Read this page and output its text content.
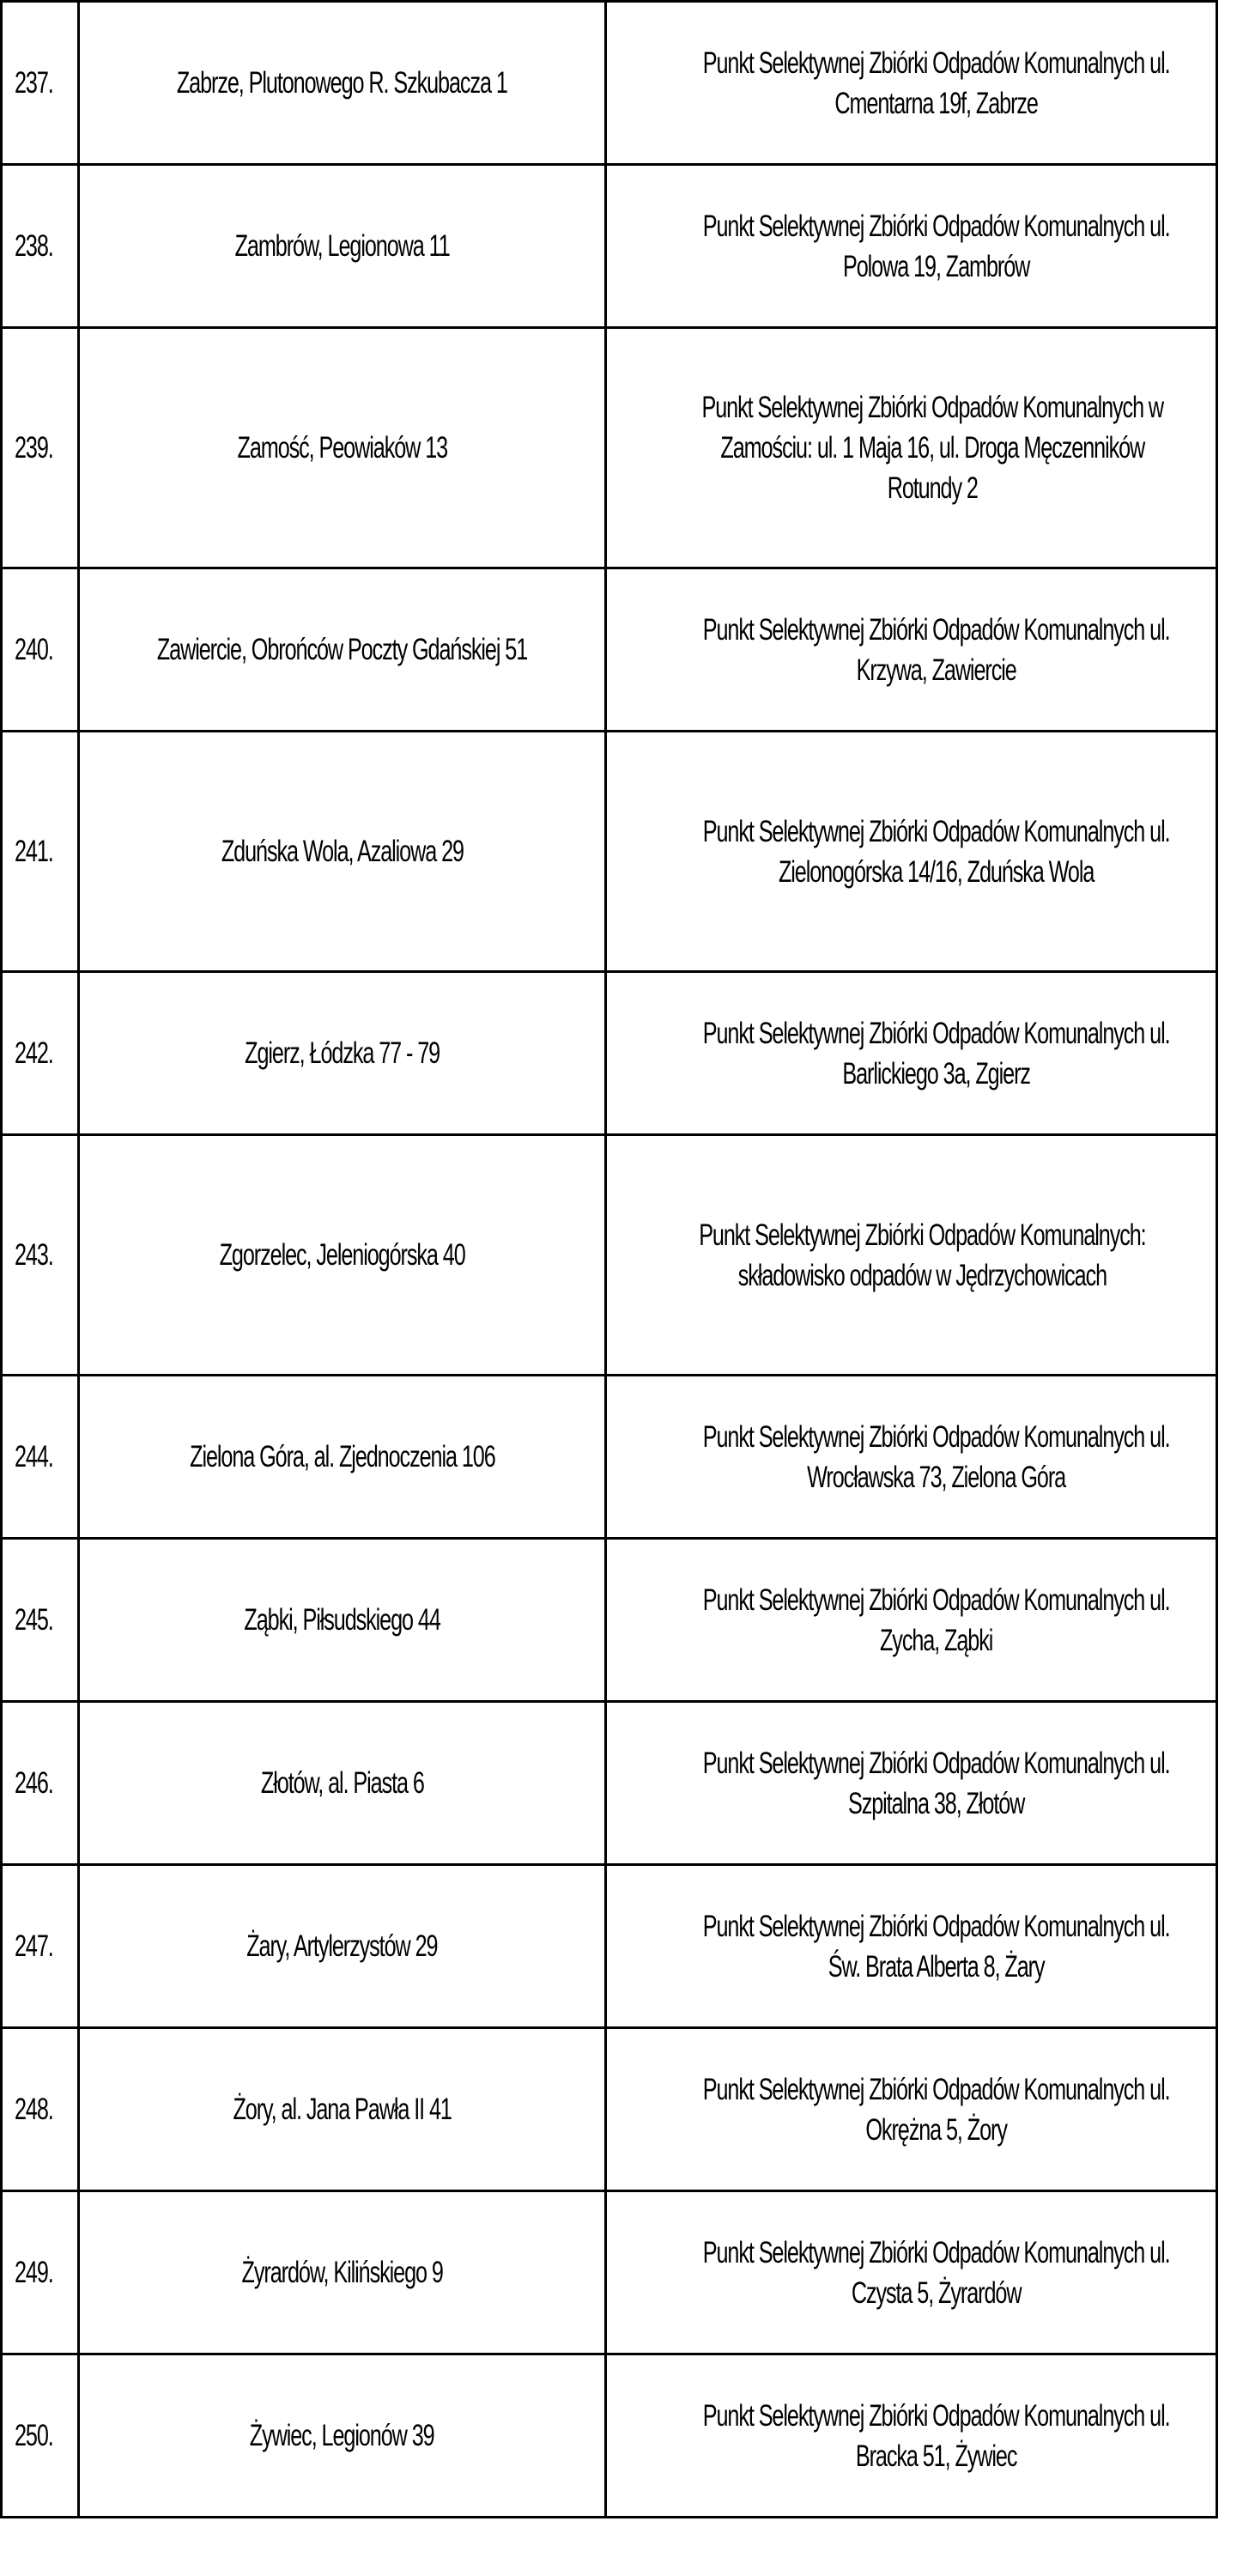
237.	Zabrze, Plutonowego R. Szkubacza 1	Punkt Selektywnej Zbiórki Odpadów Komunalnych ul.
Cmentarna 19f, Zabrze

238.	Zambrów, Legionowa 11	Punkt Selektywnej Zbiórki Odpadów Komunalnych ul.
Polowa 19, Zambrów

239.	Zamość, Peowiaków 13	Punkt Selektywnej Zbiórki Odpadów Komunalnych w
Zamościu: ul. 1 Maja 16, ul. Droga Męczenników
Rotundy 2

240.	Zawiercie, Obrońców Poczty Gdańskiej 51	Punkt Selektywnej Zbiórki Odpadów Komunalnych ul.
Krzywa, Zawiercie

241.	Zduńska Wola, Azaliowa 29	Punkt Selektywnej Zbiórki Odpadów Komunalnych ul.
Zielonogórska 14/16, Zduńska Wola

242.	Zgierz, Łódzka 77 - 79	Punkt Selektywnej Zbiórki Odpadów Komunalnych ul.
Barlickiego 3a, Zgierz

243.	Zgorzelec, Jeleniogórska 40	Punkt Selektywnej Zbiórki Odpadów Komunalnych:
składowisko odpadów w Jędrzychowicach

244.	Zielona Góra, al. Zjednoczenia 106	Punkt Selektywnej Zbiórki Odpadów Komunalnych ul.
Wrocławska 73, Zielona Góra

245.	Ząbki, Piłsudskiego 44	Punkt Selektywnej Zbiórki Odpadów Komunalnych ul.
Zycha, Ząbki

246.	Złotów, al. Piasta 6	Punkt Selektywnej Zbiórki Odpadów Komunalnych ul.
Szpitalna 38, Złotów

247.	Żary, Artylerzystów 29	Punkt Selektywnej Zbiórki Odpadów Komunalnych ul.
Św. Brata Alberta 8, Żary

248.	Żory, al. Jana Pawła II 41	Punkt Selektywnej Zbiórki Odpadów Komunalnych ul.
Okrężna 5, Żory

249.	Żyrardów, Kilińskiego 9	Punkt Selektywnej Zbiórki Odpadów Komunalnych ul.
Czysta 5, Żyrardów

250.	Żywiec, Legionów 39	Punkt Selektywnej Zbiórki Odpadów Komunalnych ul.
Bracka 51, Żywiec
